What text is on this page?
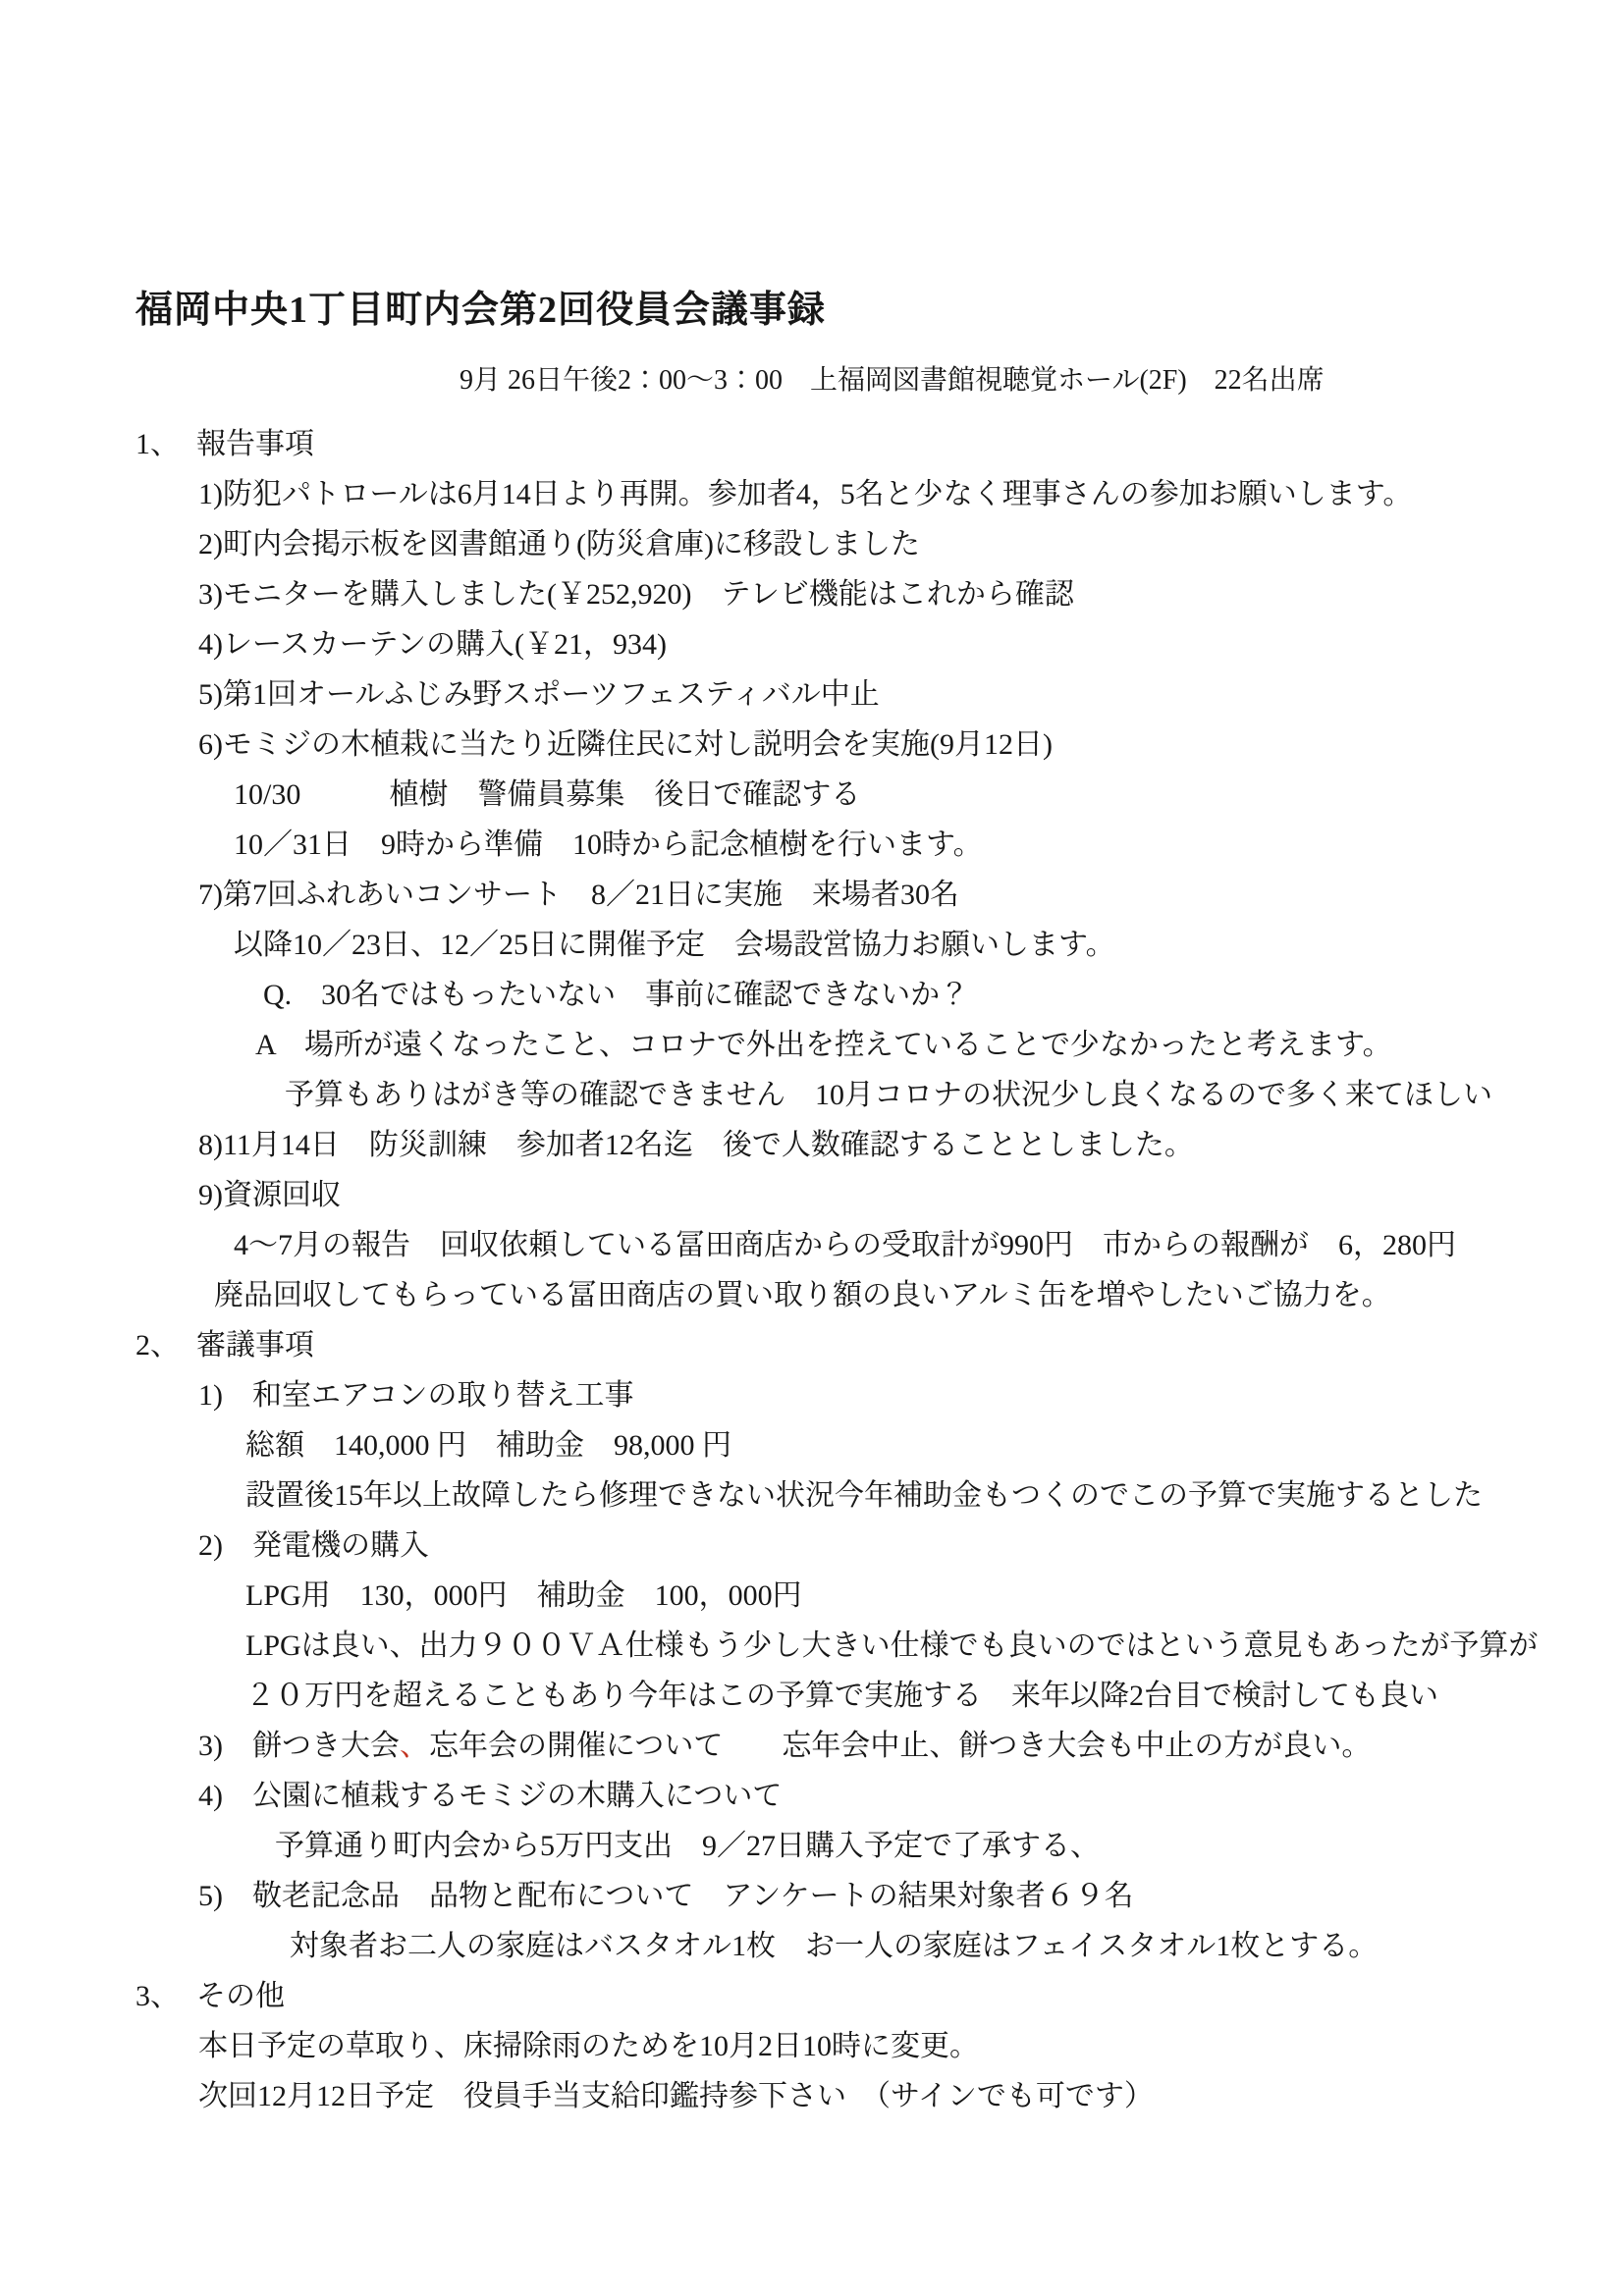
福岡中央1丁目町内会第2回役員会議事録
9月 26日午後2：00～3：00　上福岡図書館視聴覚ホール(2F)　22名出席
1、 報告事項
1)防犯パトロールは6月14日より再開。参加者4，5名と少なく理事さんの参加お願いします。
2)町内会掲示板を図書館通り(防災倉庫)に移設しました
3)モニターを購入しました(￥252,920)　テレビ機能はこれから確認
4)レースカーテンの購入(￥21，934)
5)第1回オールふじみ野スポーツフェスティバル中止
6)モミジの木植栽に当たり近隣住民に対し説明会を実施(9月12日)
10/30　　　植樹　警備員募集　後日で確認する
10／31日　9時から準備　10時から記念植樹を行います。
7)第7回ふれあいコンサート　8／21日に実施　来場者30名
以降10／23日、12／25日に開催予定　会場設営協力お願いします。
Q.　30名ではもったいない　事前に確認できないか？
A　場所が遠くなったこと、コロナで外出を控えていることで少なかったと考えます。
予算もありはがき等の確認できません　10月コロナの状況少し良くなるので多く来てほしい
8)11月14日　防災訓練　参加者12名迄　後で人数確認することとしました。
9)資源回収
4～7月の報告　回収依頼している冨田商店からの受取計が990円　市からの報酬が　6，280円
廃品回収してもらっている冨田商店の買い取り額の良いアルミ缶を増やしたいご協力を。
2、 審議事項
1)　和室エアコンの取り替え工事
総額　140,000 円　補助金　98,000 円
設置後15年以上故障したら修理できない状況今年補助金もつくのでこの予算で実施するとした
2)　発電機の購入
LPG用　130，000円　補助金　100，000円
LPGは良い、出力９００ＶＡ仕様もう少し大きい仕様でも良いのではという意見もあったが予算が
２０万円を超えることもあり今年はこの予算で実施する　来年以降2台目で検討しても良い
3)　餅つき大会、忘年会の開催について　　忘年会中止、餅つき大会も中止の方が良い。
4)　公園に植栽するモミジの木購入について
予算通り町内会から5万円支出　9／27日購入予定で了承する、
5)　敬老記念品　品物と配布について　アンケートの結果対象者６９名
対象者お二人の家庭はバスタオル1枚　お一人の家庭はフェイスタオル1枚とする。
3、 その他
本日予定の草取り、床掃除雨のためを10月2日10時に変更。
次回12月12日予定　役員手当支給印鑑持参下さい　（サインでも可です）
